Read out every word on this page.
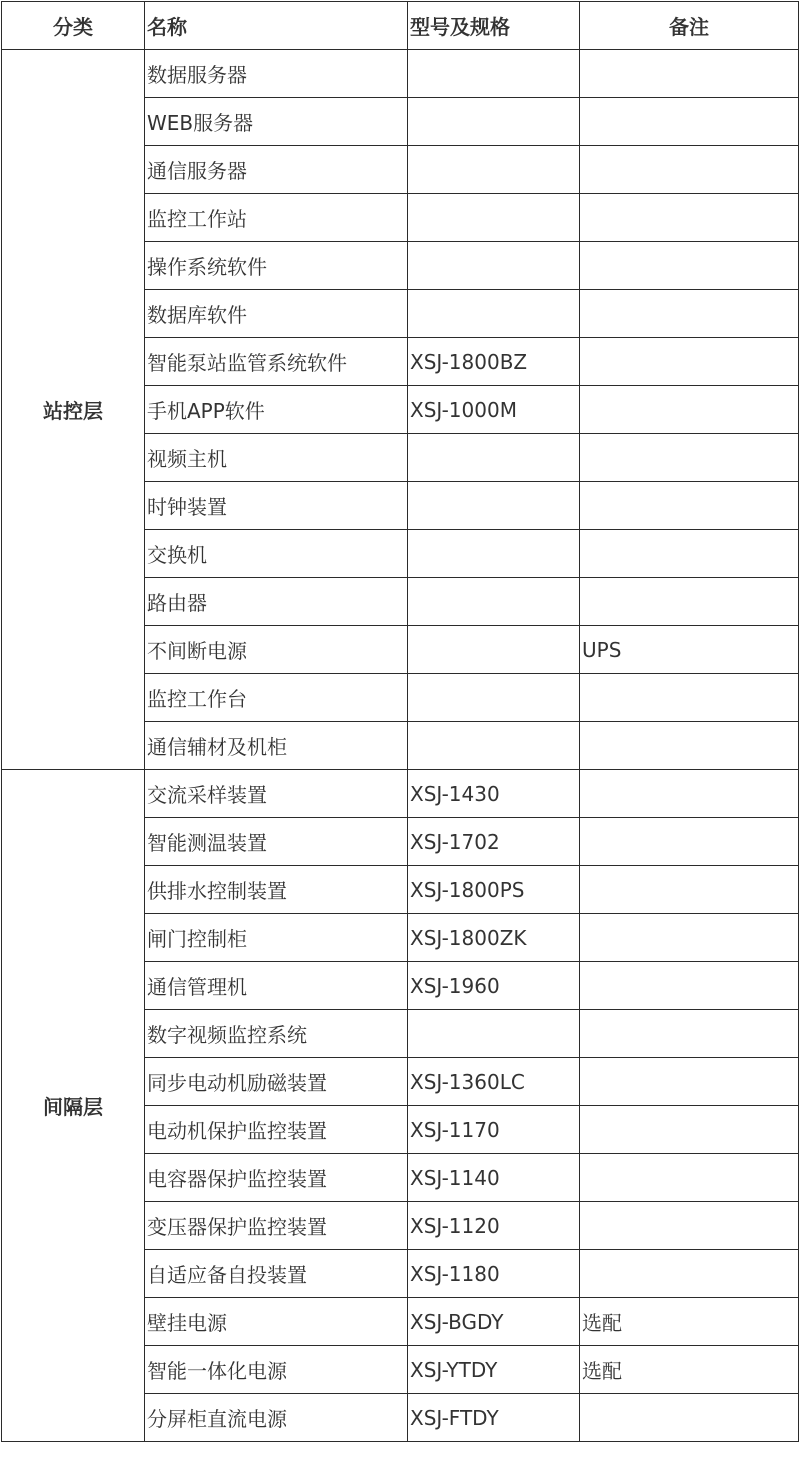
分类	名称	型号及规格	备注
站控层	数据服务器		
	WEB服务器		
	通信服务器		
	监控工作站		
	操作系统软件		
	数据库软件		
	智能泵站监管系统软件	XSJ-1800BZ	
	手机APP软件	XSJ-1000M	
	视频主机		
	时钟装置		
	交换机		
	路由器		
	不间断电源		UPS
	监控工作台		
	通信辅材及机柜		
间隔层	交流采样装置	XSJ-1430	
	智能测温装置	XSJ-1702	
	供排水控制装置	XSJ-1800PS	
	闸门控制柜	XSJ-1800ZK	
	通信管理机	XSJ-1960	
	数字视频监控系统		
	同步电动机励磁装置	XSJ-1360LC	
	电动机保护监控装置	XSJ-1170	
	电容器保护监控装置	XSJ-1140	
	变压器保护监控装置	XSJ-1120	
	自适应备自投装置	XSJ-1180	
	壁挂电源	XSJ-BGDY	选配
	智能一体化电源	XSJ-YTDY	选配
	分屏柜直流电源	XSJ-FTDY	
